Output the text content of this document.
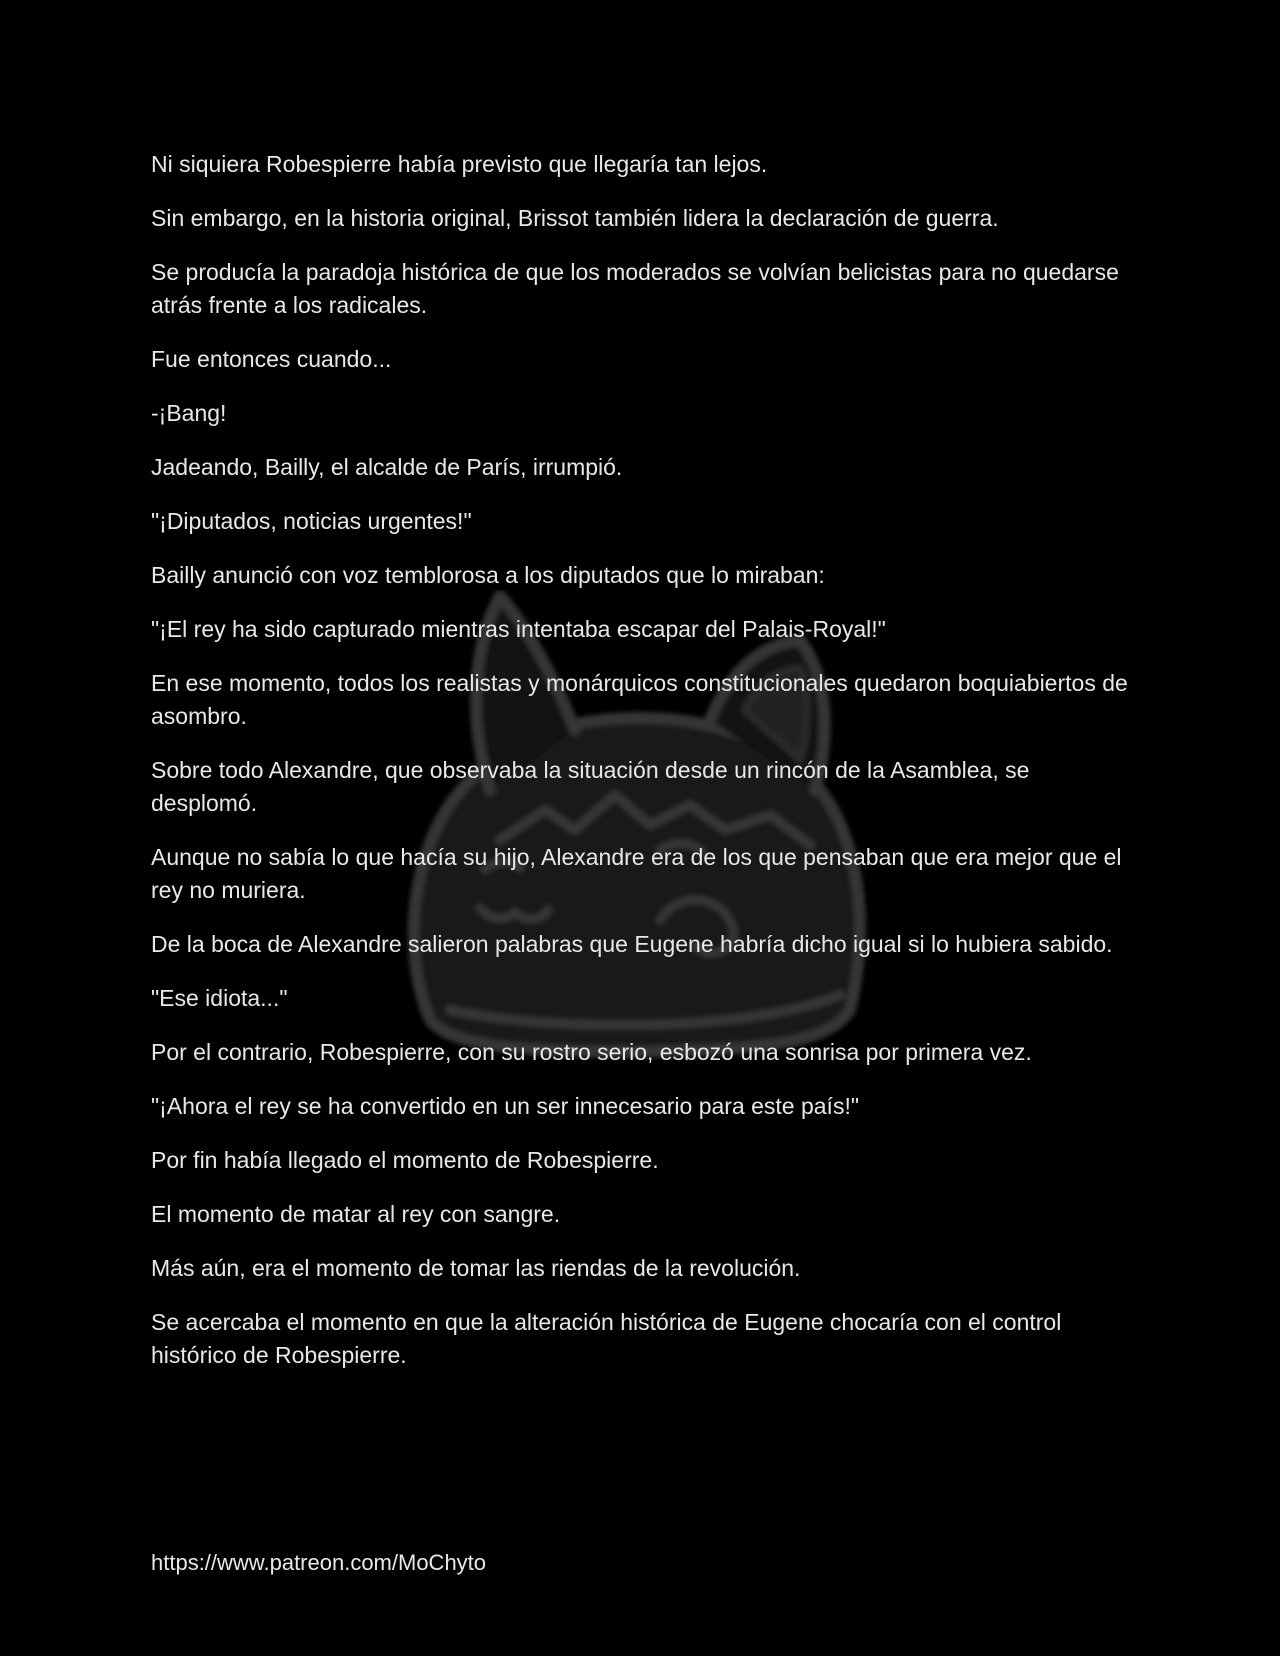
Ni siquiera Robespierre había previsto que llegaría tan lejos.

Sin embargo, en la historia original, Brissot también lidera la declaración de guerra.

Se producía la paradoja histórica de que los moderados se volvían belicistas para no quedarse atrás frente a los radicales.

Fue entonces cuando...

-¡Bang!

Jadeando, Bailly, el alcalde de París, irrumpió.

"¡Diputados, noticias urgentes!"

Bailly anunció con voz temblorosa a los diputados que lo miraban:

"¡El rey ha sido capturado mientras intentaba escapar del Palais-Royal!"

En ese momento, todos los realistas y monárquicos constitucionales quedaron boquiabiertos de asombro.

Sobre todo Alexandre, que observaba la situación desde un rincón de la Asamblea, se desplomó.

Aunque no sabía lo que hacía su hijo, Alexandre era de los que pensaban que era mejor que el rey no muriera.

De la boca de Alexandre salieron palabras que Eugene habría dicho igual si lo hubiera sabido.

"Ese idiota..."

Por el contrario, Robespierre, con su rostro serio, esbozó una sonrisa por primera vez.

"¡Ahora el rey se ha convertido en un ser innecesario para este país!"

Por fin había llegado el momento de Robespierre.

El momento de matar al rey con sangre.

Más aún, era el momento de tomar las riendas de la revolución.

Se acercaba el momento en que la alteración histórica de Eugene chocaría con el control histórico de Robespierre.

https://www.patreon.com/MoChyto
